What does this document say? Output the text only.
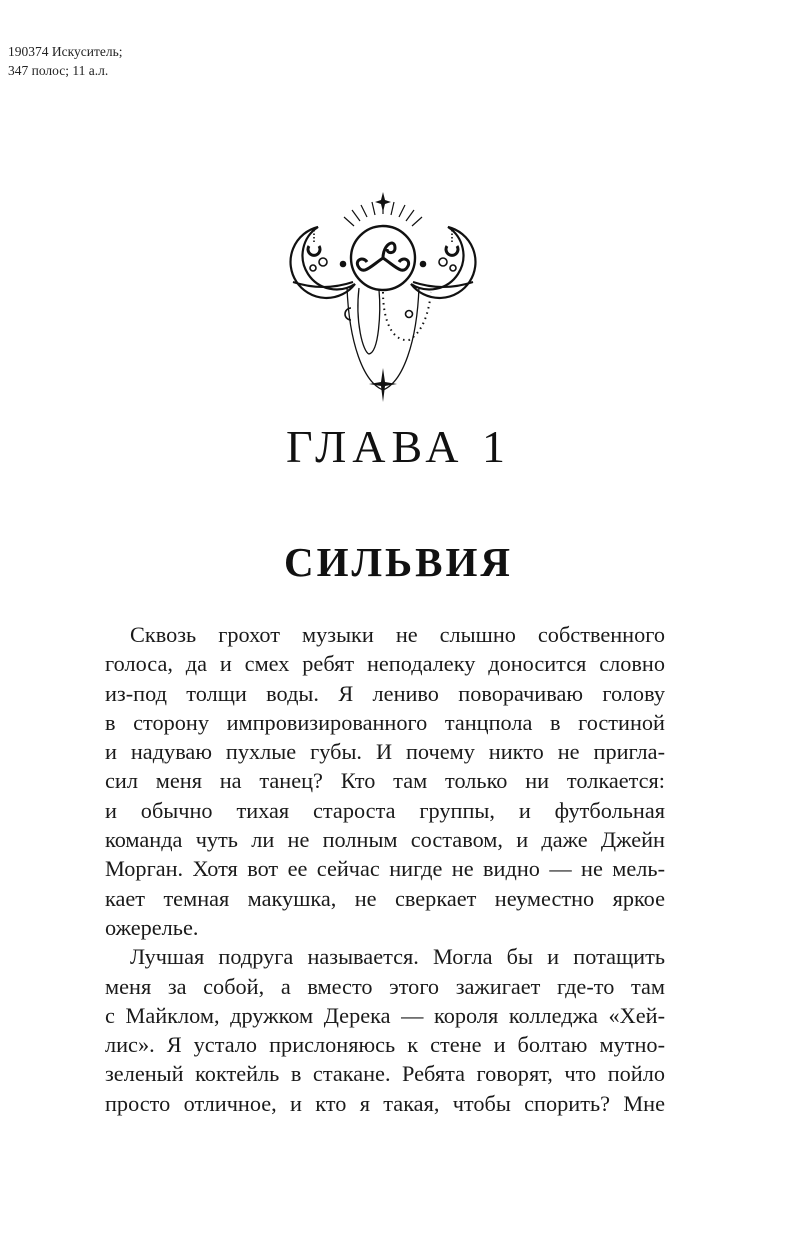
190374 Искуситель;
347 полос; 11 а.л.
ГЛАВА 1
СИЛЬВИЯ
Сквозь грохот музыки не слышно собственного
голоса, да и смех ребят неподалеку доносится словно
из-под толщи воды. Я лениво поворачиваю голову
в сторону импровизированного танцпола в гостиной
и надуваю пухлые губы. И почему никто не пригла-
сил меня на танец? Кто там только ни толкается:
и обычно тихая староста группы, и футбольная
команда чуть ли не полным составом, и даже Джейн
Морган. Хотя вот ее сейчас нигде не видно — не мель-
кает темная макушка, не сверкает неуместно яркое
ожерелье.
Лучшая подруга называется. Могла бы и потащить
меня за собой, а вместо этого зажигает где-то там
с Майклом, дружком Дерека — короля колледжа «Хей-
лис». Я устало прислоняюсь к стене и болтаю мутно-
зеленый коктейль в стакане. Ребята говорят, что пойло
просто отличное, и кто я такая, чтобы спорить? Мне
